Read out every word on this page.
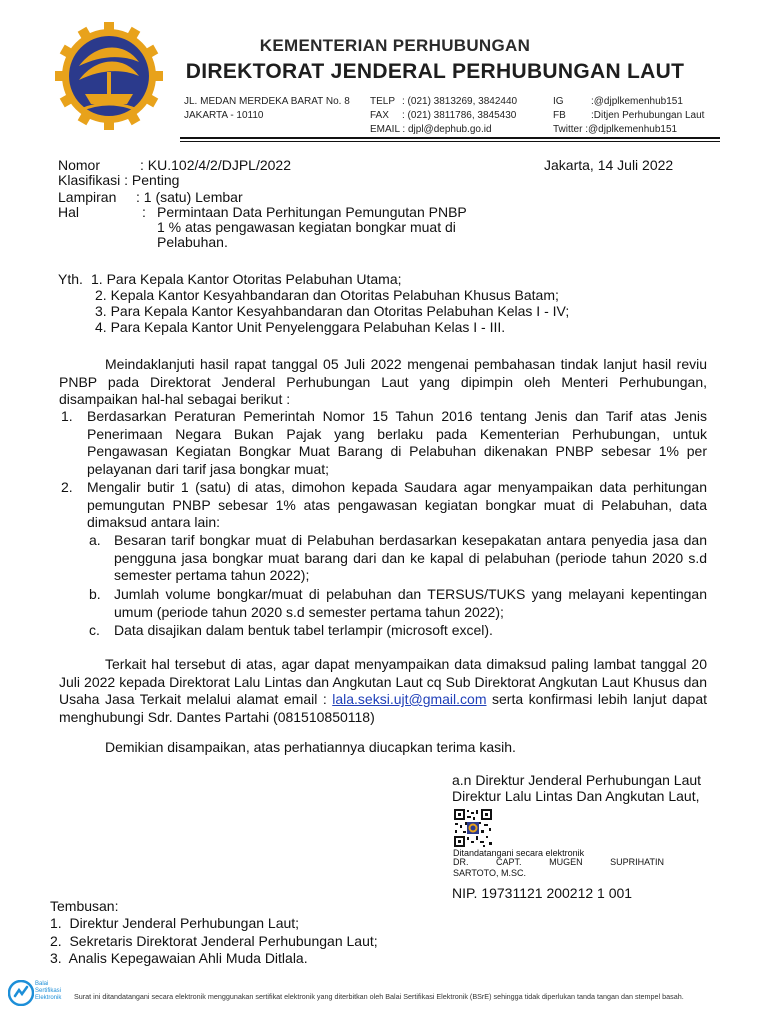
KEMENTERIAN PERHUBUNGAN
DIREKTORAT JENDERAL PERHUBUNGAN LAUT
JL. MEDAN MERDEKA BARAT No. 8
JAKARTA - 10110
TELP : (021) 3813269, 3842440
FAX : (021) 3811786, 3845430
EMAIL : djpl@dephub.go.id
IG	:@djplkemenhub151
FB	:Ditjen Perhubungan Laut
Twitter :@djplkemenhub151
Nomor	: KU.102/4/2/DJPL/2022	Jakarta, 14 Juli 2022
Klasifikasi : Penting
Lampiran : 1 (satu) Lembar
Hal	: Permintaan Data Perhitungan Pemungutan PNBP
1 % atas pengawasan kegiatan bongkar muat di
Pelabuhan.
Yth. 1. Para Kepala Kantor Otoritas Pelabuhan Utama;
2. Kepala Kantor Kesyahbandaran dan Otoritas Pelabuhan Khusus Batam;
3. Para Kepala Kantor Kesyahbandaran dan Otoritas Pelabuhan Kelas I - IV;
4. Para Kepala Kantor Unit Penyelenggara Pelabuhan Kelas I - III.
Meindaklanjuti hasil rapat tanggal 05 Juli 2022 mengenai pembahasan tindak lanjut hasil reviu PNBP pada Direktorat Jenderal Perhubungan Laut yang dipimpin oleh Menteri Perhubungan, disampaikan hal-hal sebagai berikut :
1. Berdasarkan Peraturan Pemerintah Nomor 15 Tahun 2016 tentang Jenis dan Tarif atas Jenis Penerimaan Negara Bukan Pajak yang berlaku pada Kementerian Perhubungan, untuk Pengawasan Kegiatan Bongkar Muat Barang di Pelabuhan dikenakan PNBP sebesar 1% per pelayanan dari tarif jasa bongkar muat;
2. Mengalir butir 1 (satu) di atas, dimohon kepada Saudara agar menyampaikan data perhitungan pemungutan PNBP sebesar 1% atas pengawasan kegiatan bongkar muat di Pelabuhan, data dimaksud antara lain:
a. Besaran tarif bongkar muat di Pelabuhan berdasarkan kesepakatan antara penyedia jasa dan pengguna jasa bongkar muat barang dari dan ke kapal di pelabuhan (periode tahun 2020 s.d semester pertama tahun 2022);
b. Jumlah volume bongkar/muat di pelabuhan dan TERSUS/TUKS yang melayani kepentingan umum (periode tahun 2020 s.d semester pertama tahun 2022);
c. Data disajikan dalam bentuk tabel terlampir (microsoft excel).
Terkait hal tersebut di atas, agar dapat menyampaikan data dimaksud paling lambat tanggal 20 Juli 2022 kepada Direktorat Lalu Lintas dan Angkutan Laut cq Sub Direktorat Angkutan Laut Khusus dan Usaha Jasa Terkait melalui alamat email : lala.seksi.ujt@gmail.com serta konfirmasi lebih lanjut dapat menghubungi Sdr. Dantes Partahi (081510850118)
Demikian disampaikan, atas perhatiannya diucapkan terima kasih.
a.n Direktur Jenderal Perhubungan Laut
Direktur Lalu Lintas Dan Angkutan Laut,
Ditandatangani secara elektronik
DR.      CAPT.      MUGEN      SUPRIHATIN
SARTOTO, M.SC.
NIP. 19731121 200212 1 001
Tembusan:
1.  Direktur Jenderal Perhubungan Laut;
2.  Sekretaris Direktorat Jenderal Perhubungan Laut;
3.  Analis Kepegawaian Ahli Muda Ditlala.
Balai
Sertifikasi
Elektronik Surat ini ditandatangani secara elektronik menggunakan sertifikat elektronik yang diterbitkan oleh Balai Sertifikasi Elektronik (BSrE) sehingga tidak diperlukan tanda tangan dan stempel basah.
